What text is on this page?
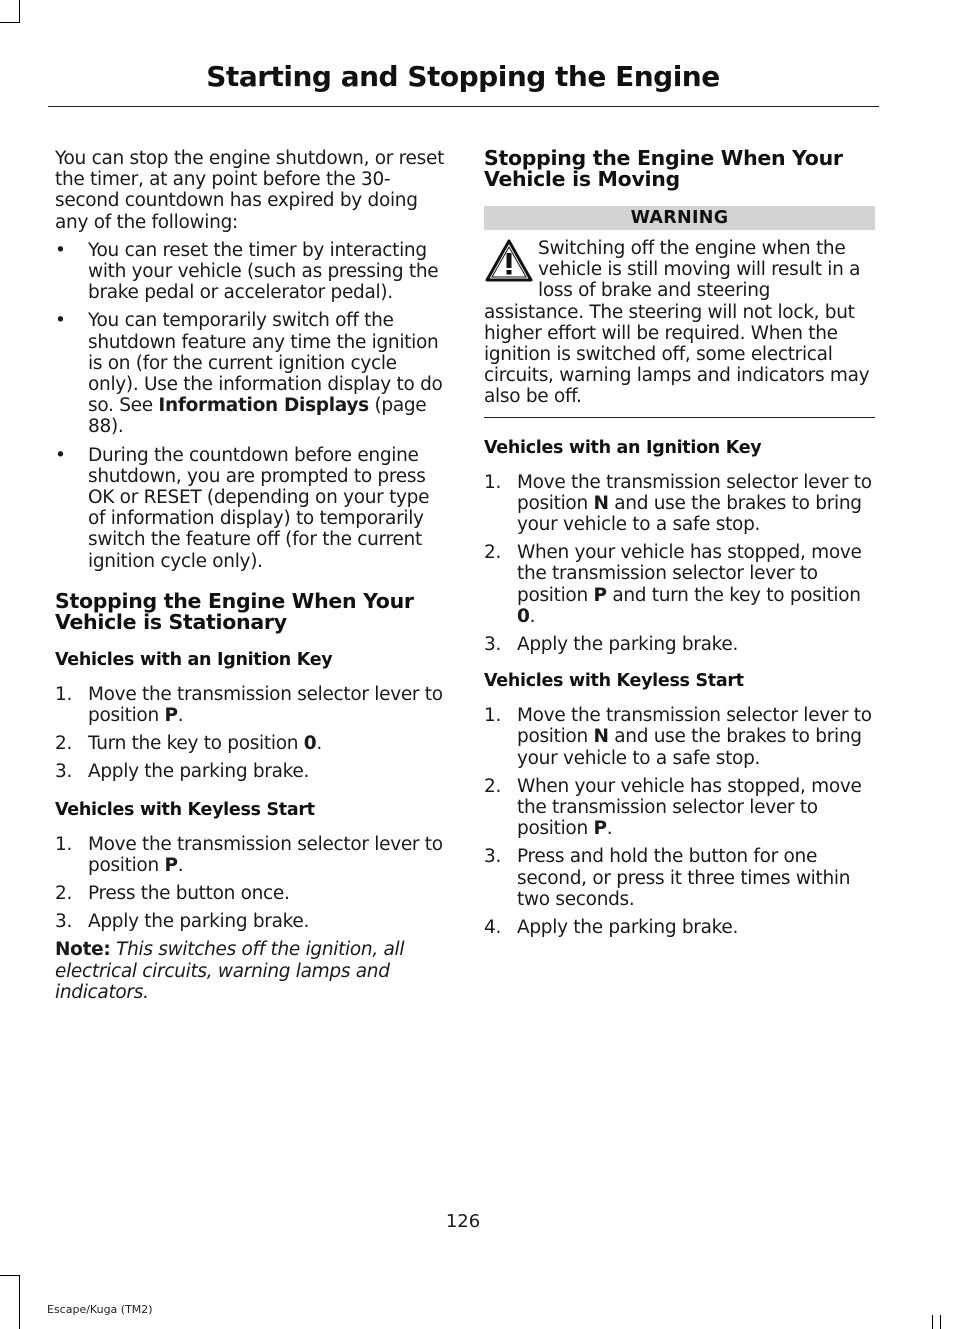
Starting and Stopping the Engine

You can stop the engine shutdown, or reset the timer, at any point before the 30-second countdown has expired by doing any of the following:

• You can reset the timer by interacting with your vehicle (such as pressing the brake pedal or accelerator pedal).
• You can temporarily switch off the shutdown feature any time the ignition is on (for the current ignition cycle only). Use the information display to do so. See Information Displays (page 88).
• During the countdown before engine shutdown, you are prompted to press OK or RESET (depending on your type of information display) to temporarily switch the feature off (for the current ignition cycle only).
Stopping the Engine When Your Vehicle is Stationary
Vehicles with an Ignition Key
1. Move the transmission selector lever to position P.
2. Turn the key to position 0.
3. Apply the parking brake.
Vehicles with Keyless Start
1. Move the transmission selector lever to position P.
2. Press the button once.
3. Apply the parking brake.

Note: This switches off the ignition, all electrical circuits, warning lamps and indicators.

Stopping the Engine When Your Vehicle is Moving
WARNING
Switching off the engine when the vehicle is still moving will result in a loss of brake and steering assistance. The steering will not lock, but higher effort will be required. When the ignition is switched off, some electrical circuits, warning lamps and indicators may also be off.
Vehicles with an Ignition Key
1. Move the transmission selector lever to position N and use the brakes to bring your vehicle to a safe stop.
2. When your vehicle has stopped, move the transmission selector lever to position P and turn the key to position 0.
3. Apply the parking brake.
Vehicles with Keyless Start
1. Move the transmission selector lever to position N and use the brakes to bring your vehicle to a safe stop.
2. When your vehicle has stopped, move the transmission selector lever to position P.
3. Press and hold the button for one second, or press it three times within two seconds.
4. Apply the parking brake.
126
Escape/Kuga (TM2)
